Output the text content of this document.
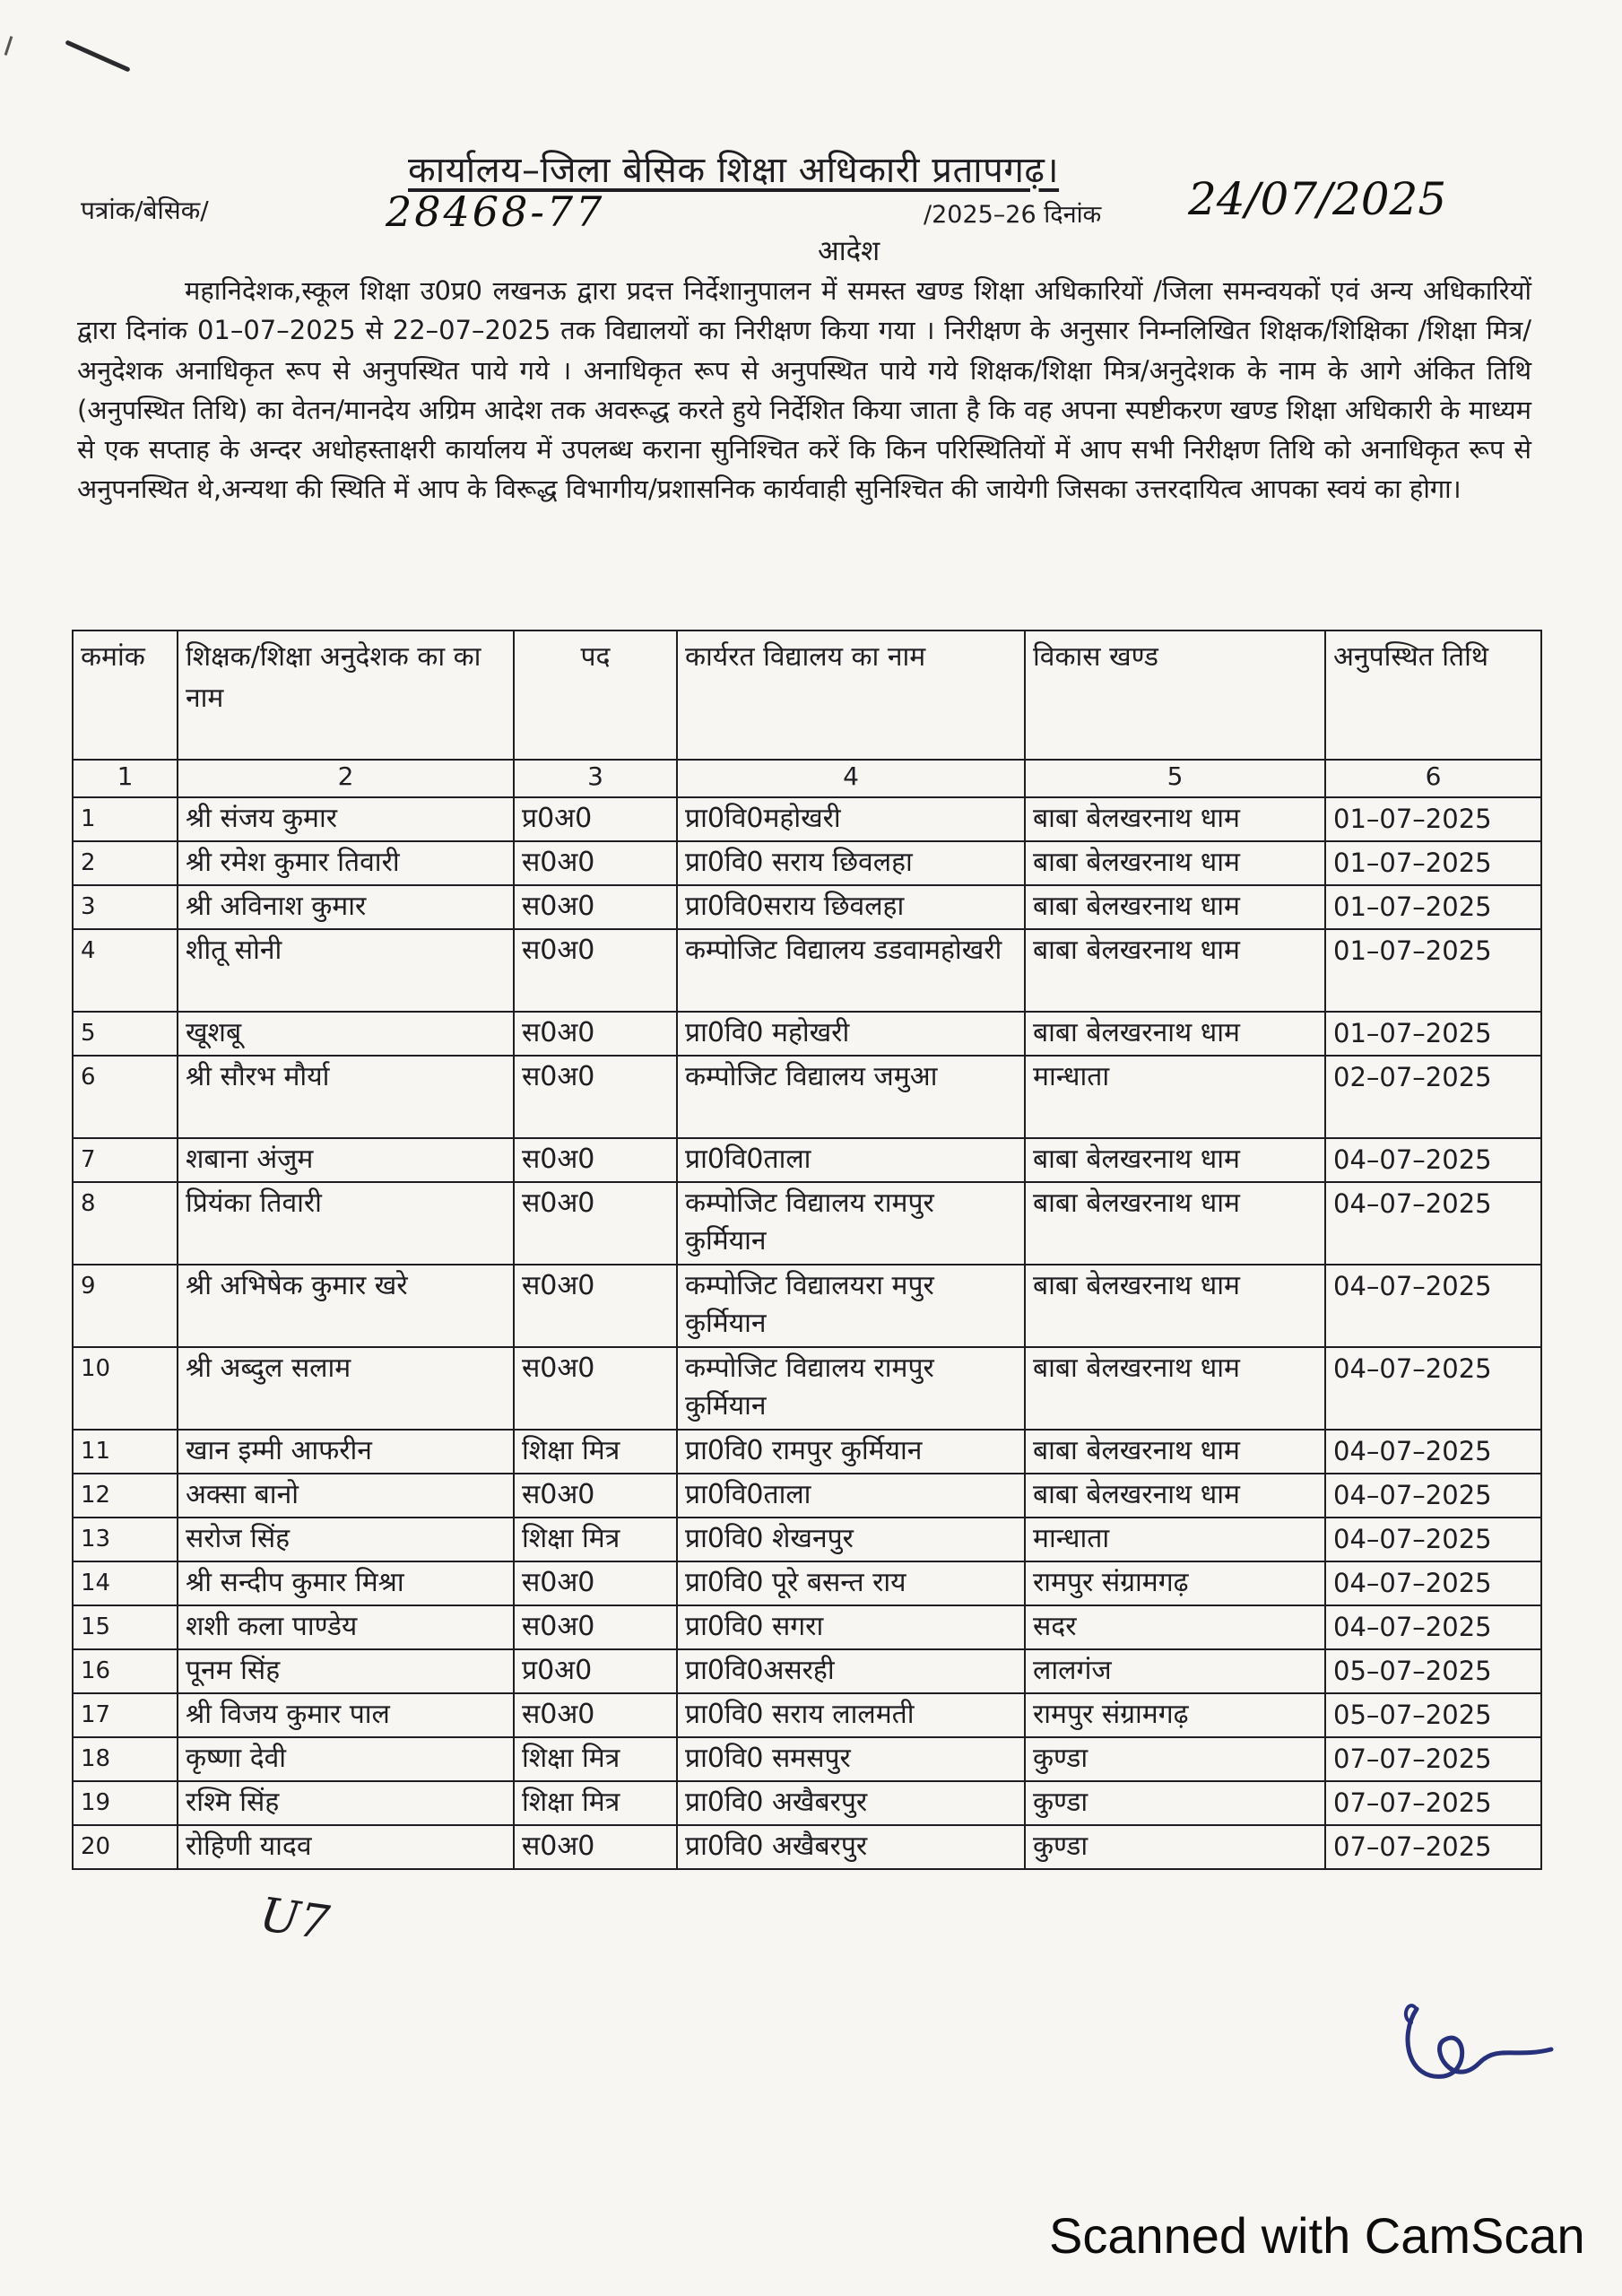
कार्यालय–जिला बेसिक शिक्षा अधिकारी प्रतापगढ़।
पत्रांक/बेसिक/	28468-77	/2025–26 दिनांक 24/07/2025
आदेश

महानिदेशक,स्कूल शिक्षा उ0प्र0 लखनऊ द्वारा प्रदत्त निर्देशानुपालन में समस्त खण्ड शिक्षा अधिकारियों /जिला समन्वयकों एवं अन्य अधिकारियों द्वारा दिनांक 01–07–2025 से 22–07–2025 तक विद्यालयों का निरीक्षण किया गया । निरीक्षण के अनुसार निम्नलिखित शिक्षक/शिक्षिका /शिक्षा मित्र/अनुदेशक अनाधिकृत रूप से अनुपस्थित पाये गये । अनाधिकृत रूप से अनुपस्थित पाये गये शिक्षक/शिक्षा मित्र/अनुदेशक के नाम के आगे अंकित तिथि (अनुपस्थित तिथि) का वेतन/मानदेय अग्रिम आदेश तक अवरूद्ध करते हुये निर्देशित किया जाता है कि वह अपना स्पष्टीकरण खण्ड शिक्षा अधिकारी के माध्यम से एक सप्ताह के अन्दर अधोहस्ताक्षरी कार्यालय में उपलब्ध कराना सुनिश्चित करें कि किन परिस्थितियों में आप सभी निरीक्षण तिथि को अनाधिकृत रूप से अनुपनस्थित थे,अन्यथा की स्थिति में आप के विरूद्ध विभागीय/प्रशासनिक कार्यवाही सुनिश्चित की जायेगी जिसका उत्तरदायित्व आपका स्वयं का होगा।

कमांक	शिक्षक/शिक्षा अनुदेशक का का नाम	पद	कार्यरत विद्यालय का नाम	विकास खण्ड	अनुपस्थित तिथि
1	2	3	4	5	6
1	श्री संजय कुमार	प्र0अ0	प्रा0वि0महोखरी	बाबा बेलखरनाथ धाम	01–07–2025
2	श्री रमेश कुमार तिवारी	स0अ0	प्रा0वि0 सराय छिवलहा	बाबा बेलखरनाथ धाम	01–07–2025
3	श्री अविनाश कुमार	स0अ0	प्रा0वि0सराय छिवलहा	बाबा बेलखरनाथ धाम	01–07–2025
4	शीतू सोनी	स0अ0	कम्पोजिट विद्यालय डडवामहोखरी	बाबा बेलखरनाथ धाम	01–07–2025
5	खूशबू	स0अ0	प्रा0वि0 महोखरी	बाबा बेलखरनाथ धाम	01–07–2025
6	श्री सौरभ मौर्या	स0अ0	कम्पोजिट विद्यालय जमुआ	मान्धाता	02–07–2025
7	शबाना अंजुम	स0अ0	प्रा0वि0ताला	बाबा बेलखरनाथ धाम	04–07–2025
8	प्रियंका तिवारी	स0अ0	कम्पोजिट विद्यालय रामपुर कुर्मियान	बाबा बेलखरनाथ धाम	04–07–2025
9	श्री अभिषेक कुमार खरे	स0अ0	कम्पोजिट विद्यालयरा मपुर कुर्मियान	बाबा बेलखरनाथ धाम	04–07–2025
10	श्री अब्दुल सलाम	स0अ0	कम्पोजिट विद्यालय रामपुर कुर्मियान	बाबा बेलखरनाथ धाम	04–07–2025
11	खान इम्मी आफरीन	शिक्षा मित्र	प्रा0वि0 रामपुर कुर्मियान	बाबा बेलखरनाथ धाम	04–07–2025
12	अक्सा बानो	स0अ0	प्रा0वि0ताला	बाबा बेलखरनाथ धाम	04–07–2025
13	सरोज सिंह	शिक्षा मित्र	प्रा0वि0 शेखनपुर	मान्धाता	04–07–2025
14	श्री सन्दीप कुमार मिश्रा	स0अ0	प्रा0वि0 पूरे बसन्त राय	रामपुर संग्रामगढ़	04–07–2025
15	शशी कला पाण्डेय	स0अ0	प्रा0वि0 सगरा	सदर	04–07–2025
16	पूनम सिंह	प्र0अ0	प्रा0वि0असरही	लालगंज	05–07–2025
17	श्री विजय कुमार पाल	स0अ0	प्रा0वि0 सराय लालमती	रामपुर संग्रामगढ़	05–07–2025
18	कृष्णा देवी	शिक्षा मित्र	प्रा0वि0 समसपुर	कुण्डा	07–07–2025
19	रश्मि सिंह	शिक्षा मित्र	प्रा0वि0 अखैबरपुर	कुण्डा	07–07–2025
20	रोहिणी यादव	स0अ0	प्रा0वि0 अखैबरपुर	कुण्डा	07–07–2025
U7
Scanned with CamScan
